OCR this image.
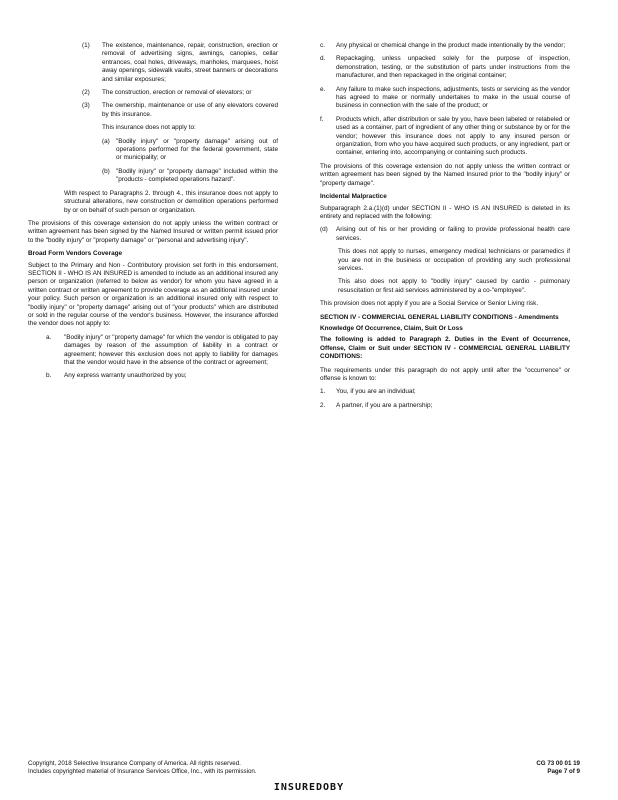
(1)	The existence, maintenance, repair, construction, erection or removal of advertising signs, awnings, canopies, cellar entrances, coal holes, driveways, manholes, marquees, hoist away openings, sidewalk vaults, street banners or decorations and similar exposures;
(2)	The construction, erection or removal of elevators; or
(3)	The ownership, maintenance or use of any elevators covered by this insurance.

This insurance does not apply to:

(a) "Bodily injury" or "property damage" arising out of operations performed for the federal government, state or municipality; or
(b) "Bodily injury" or "property damage" included within the "products - completed operations hazard".

With respect to Paragraphs 2. through 4., this insurance does not apply to structural alterations, new construction or demolition operations performed by or on behalf of such person or organization.

The provisions of this coverage extension do not apply unless the written contract or written agreement has been signed by the Named Insured or written permit issued prior to the "bodily injury" or "property damage" or "personal and advertising injury".

Broad Form Vendors Coverage

Subject to the Primary and Non - Contributory provision set forth in this endorsement, SECTION II - WHO IS AN INSURED is amended to include as an additional insured any person or organization (referred to below as vendor) for whom you have agreed in a written contract or written agreement to provide coverage as an additional insured under your policy. Such person or organization is an additional insured only with respect to "bodily injury" or "property damage" arising out of "your products" which are distributed or sold in the regular course of the vendor's business. However, the insurance afforded the vendor does not apply to:

a.	"Bodily injury" or "property damage" for which the vendor is obligated to pay damages by reason of the assumption of liability in a contract or agreement; however this exclusion does not apply to liability for damages that the vendor would have in the absence of the contract or agreement;
b.	Any express warranty unauthorized by you;
c.	Any physical or chemical change in the product made intentionally by the vendor;
d.	Repackaging, unless unpacked solely for the purpose of inspection, demonstration, testing, or the substitution of parts under instructions from the manufacturer, and then repackaged in the original container;
e.	Any failure to make such inspections, adjustments, tests or servicing as the vendor has agreed to make or normally undertakes to make in the usual course of business in connection with the sale of the product; or
f.	Products which, after distribution or sale by you, have been labeled or relabeled or used as a container, part of ingredient of any other thing or substance by or for the vendor; however this insurance does not apply to any insured person or organization, from who you have acquired such products, or any ingredient, part or container, entering into, accompanying or containing such products.

The provisions of this coverage extension do not apply unless the written contract or written agreement has been signed by the Named Insured prior to the "bodily injury" or "property damage".

Incidental Malpractice

Subparagraph 2.a.(1)(d) under SECTION II - WHO IS AN INSURED is deleted in its entirety and replaced with the following:

(d)	Arising out of his or her providing or failing to provide professional health care services.

This does not apply to nurses, emergency medical technicians or paramedics if you are not in the business or occupation of providing any such professional services.

This also does not apply to "bodily injury" caused by cardio - pulmonary resuscitation or first aid services administered by a co-"employee".

This provision does not apply if you are a Social Service or Senior Living risk.

SECTION IV - COMMERCIAL GENERAL LIABILITY CONDITIONS - Amendments
Knowledge Of Occurrence, Claim, Suit Or Loss

The following is added to Paragraph 2. Duties in the Event of Occurrence, Offense, Claim or Suit under SECTION IV - COMMERCIAL GENERAL LIABILITY CONDITIONS:

The requirements under this paragraph do not apply until after the "occurrence" or offense is known to:

1.	You, if you are an individual;
2.	A partner, if you are a partnership;
Copyright, 2018 Selective Insurance Company of America. All rights reserved.
Includes copyrighted material of Insurance Services Office, Inc., with its permission.
CG 73 00 01 19
Page 7 of 9
INSUREDOBY
